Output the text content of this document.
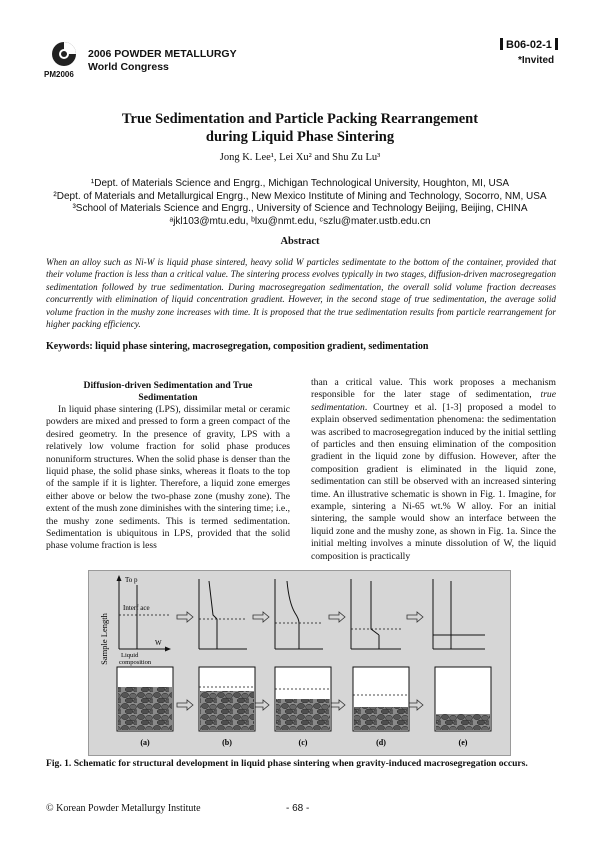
PM2006
2006 POWDER METALLURGY
World Congress
B06-02-1
*Invited
True Sedimentation and Particle Packing Rearrangement
during Liquid Phase Sintering
Jong K. Lee¹, Lei Xu² and Shu Zu Lu³
¹Dept. of Materials Science and Engrg., Michigan Technological University, Houghton, MI, USA
²Dept. of Materials and Metallurgical Engrg., New Mexico Institute of Mining and Technology, Socorro, NM, USA
³School of Materials Science and Engrg., University of Science and Technology Beijing, Beijing, CHINA
ᵃjkl103@mtu.edu, ᵇlxu@nmt.edu, ᶜszlu@mater.ustb.edu.cn
Abstract
When an alloy such as Ni-W is liquid phase sintered, heavy solid W particles sedimentate to the bottom of the container, provided that their volume fraction is less than a critical value. The sintering process evolves typically in two stages, diffusion-driven macrosegregation sedimentation followed by true sedimentation. During macrosegregation sedimentation, the overall solid volume fraction decreases concurrently with elimination of liquid concentration gradient. However, in the second stage of true sedimentation, the average solid volume fraction in the mushy zone increases with time. It is proposed that the true sedimentation results from particle rearrangement for higher packing efficiency.
Keywords: liquid phase sintering, macrosegregation, composition gradient, sedimentation

Diffusion-driven Sedimentation and True
Sedimentation

In liquid phase sintering (LPS), dissimilar metal or ceramic powders are mixed and pressed to form a green compact of the desired geometry. In the presence of gravity, LPS with a relatively low volume fraction for solid phase produces nonuniform structures. When the solid phase is denser than the liquid phase, the solid phase sinks, whereas it floats to the top of the sample if it is lighter. Therefore, a liquid zone emerges either above or below the two-phase zone (mushy zone). The extent of the mush zone diminishes with the sintering time; i.e., the mushy zone sediments. This is termed sedimentation. Sedimentation is ubiquitous in LPS, provided that the solid phase volume fraction is less

than a critical value. This work proposes a mechanism responsible for the later stage of sedimentation, true sedimentation. Courtney et al. [1-3] proposed a model to explain observed sedimentation phenomena: the sedimentation was ascribed to macrosegregation induced by the initial settling of particles and then ensuing elimination of the composition gradient in the liquid zone by diffusion. However, after the composition gradient is eliminated in the liquid zone, sedimentation can still be observed with an increased sintering time. An illustrative schematic is shown in Fig. 1. Imagine, for example, sintering a Ni-65 wt.% W alloy. For an initial sintering, the sample would show an interface between the liquid zone and the mushy zone, as shown in Fig. 1a. Since the initial melting involves a minute dissolution of W, the liquid composition is practically

Sample Length
To p
Interf ace
W
Liquid
composition
(a)	(b)	(c)	(d)	(e)
Fig. 1. Schematic for structural development in liquid phase sintering when gravity-induced macrosegregation occurs.
© Korean Powder Metallurgy Institute	- 68 -
